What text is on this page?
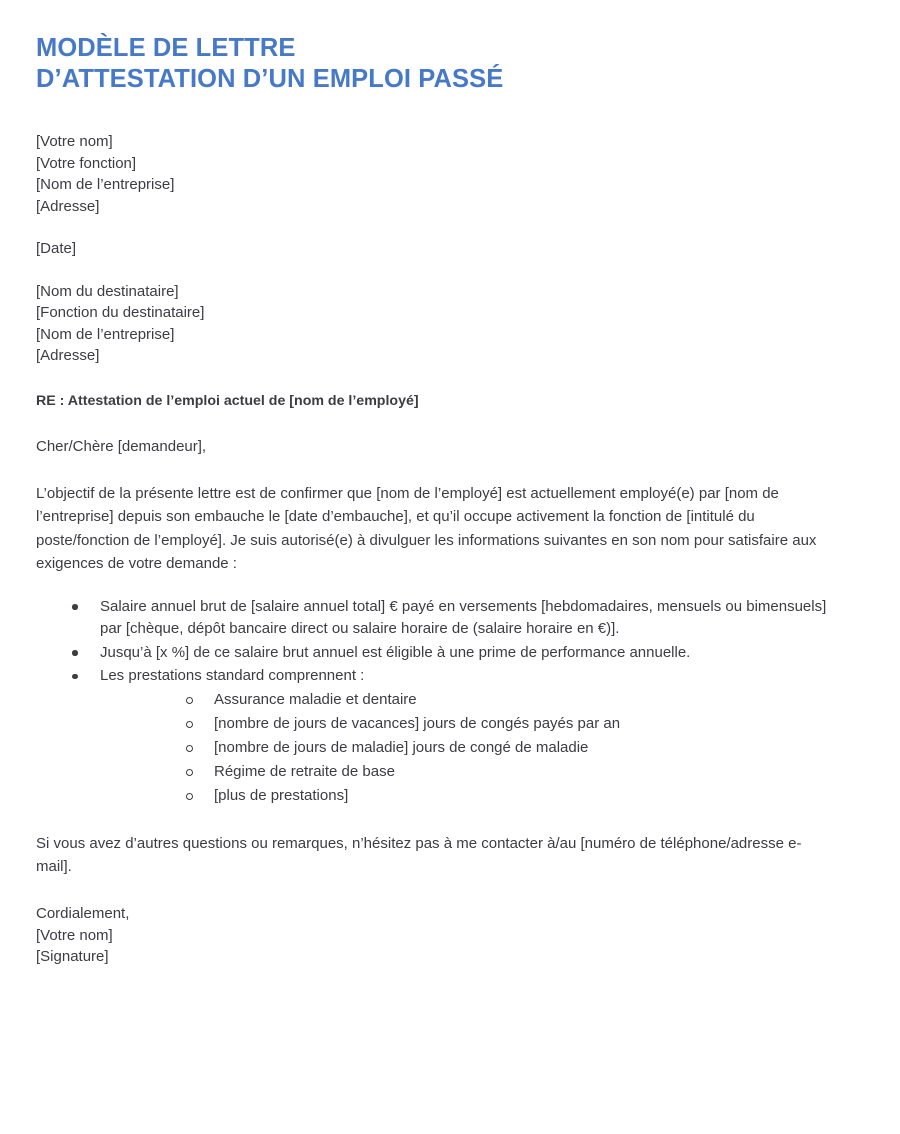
MODÈLE DE LETTRE
D’ATTESTATION D’UN EMPLOI PASSÉ
[Votre nom]
[Votre fonction]
[Nom de l’entreprise]
[Adresse]
[Date]
[Nom du destinataire]
[Fonction du destinataire]
[Nom de l’entreprise]
[Adresse]
RE : Attestation de l’emploi actuel de [nom de l’employé]
Cher/Chère [demandeur],

L’objectif de la présente lettre est de confirmer que [nom de l’employé] est actuellement employé(e) par [nom de l’entreprise] depuis son embauche le [date d’embauche], et qu’il occupe activement la fonction de [intitulé du poste/fonction de l’employé]. Je suis autorisé(e) à divulguer les informations suivantes en son nom pour satisfaire aux exigences de votre demande :

Salaire annuel brut de [salaire annuel total] € payé en versements [hebdomadaires, mensuels ou bimensuels] par [chèque, dépôt bancaire direct ou salaire horaire de (salaire horaire en €)].
Jusqu’à [x %] de ce salaire brut annuel est éligible à une prime de performance annuelle.
Les prestations standard comprennent :
Assurance maladie et dentaire
[nombre de jours de vacances] jours de congés payés par an
[nombre de jours de maladie] jours de congé de maladie
Régime de retraite de base
[plus de prestations]

Si vous avez d’autres questions ou remarques, n’hésitez pas à me contacter à/au [numéro de téléphone/adresse e-mail].

Cordialement,
[Votre nom]
[Signature]
